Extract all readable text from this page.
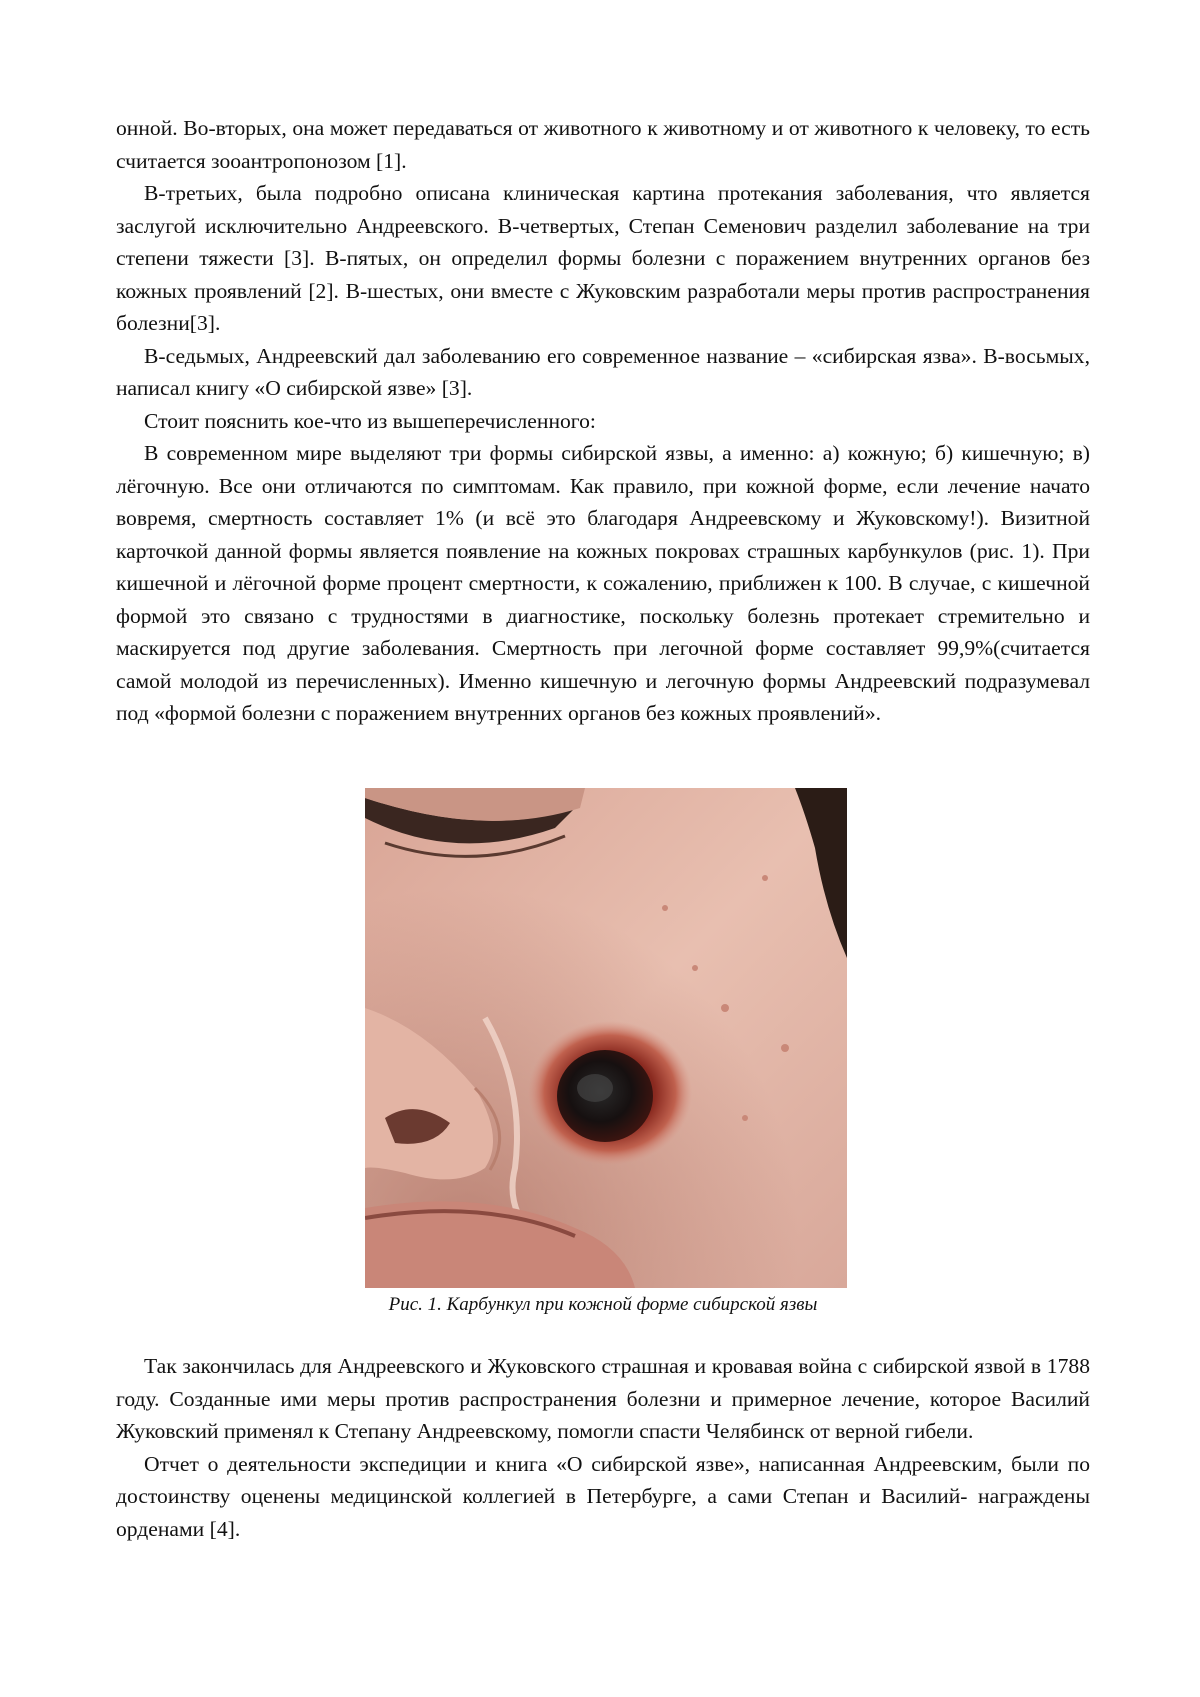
онной. Во-вторых, она может передаваться от животного к животному и от животного к человеку, то есть считается зооантропонозом [1].

В-третьих, была подробно описана клиническая картина протекания заболевания, что является заслугой исключительно Андреевского. В-четвертых, Степан Семенович разделил заболевание на три степени тяжести [3]. В-пятых, он определил формы болезни с поражением внутренних органов без кожных проявлений [2]. В-шестых, они вместе с Жуковским разработали меры против распространения болезни[3].

В-седьмых, Андреевский дал заболеванию его современное название – «сибирская язва». В-восьмых, написал книгу «О сибирской язве» [3].

Стоит пояснить кое-что из вышеперечисленного:

В современном мире выделяют три формы сибирской язвы, а именно: а) кожную; б) кишечную; в) лёгочную. Все они отличаются по симптомам. Как правило, при кожной форме, если лечение начато вовремя, смертность составляет 1% (и всё это благодаря Андреевскому и Жуковскому!). Визитной карточкой данной формы является появление на кожных покровах страшных карбункулов (рис. 1). При кишечной и лёгочной форме процент смертности, к сожалению, приближен к 100. В случае, с кишечной формой это связано с трудностями в диагностике, поскольку болезнь протекает стремительно и маскируется под другие заболевания. Смертность при легочной форме составляет 99,9%(считается самой молодой из перечисленных). Именно кишечную и легочную формы Андреевский подразумевал под «формой болезни с поражением внутренних органов без кожных проявлений».

Рис. 1. Карбункул при кожной форме сибирской язвы

Так закончилась для Андреевского и Жуковского страшная и кровавая война с сибирской язвой в 1788 году. Созданные ими меры против распространения болезни и примерное лечение, которое Василий Жуковский применял к Степану Андреевскому, помогли спасти Челябинск от верной гибели.

Отчет о деятельности экспедиции и книга «О сибирской язве», написанная Андреевским, были по достоинству оценены медицинской коллегией в Петербурге, а сами Степан и Василий- награждены орденами [4].
